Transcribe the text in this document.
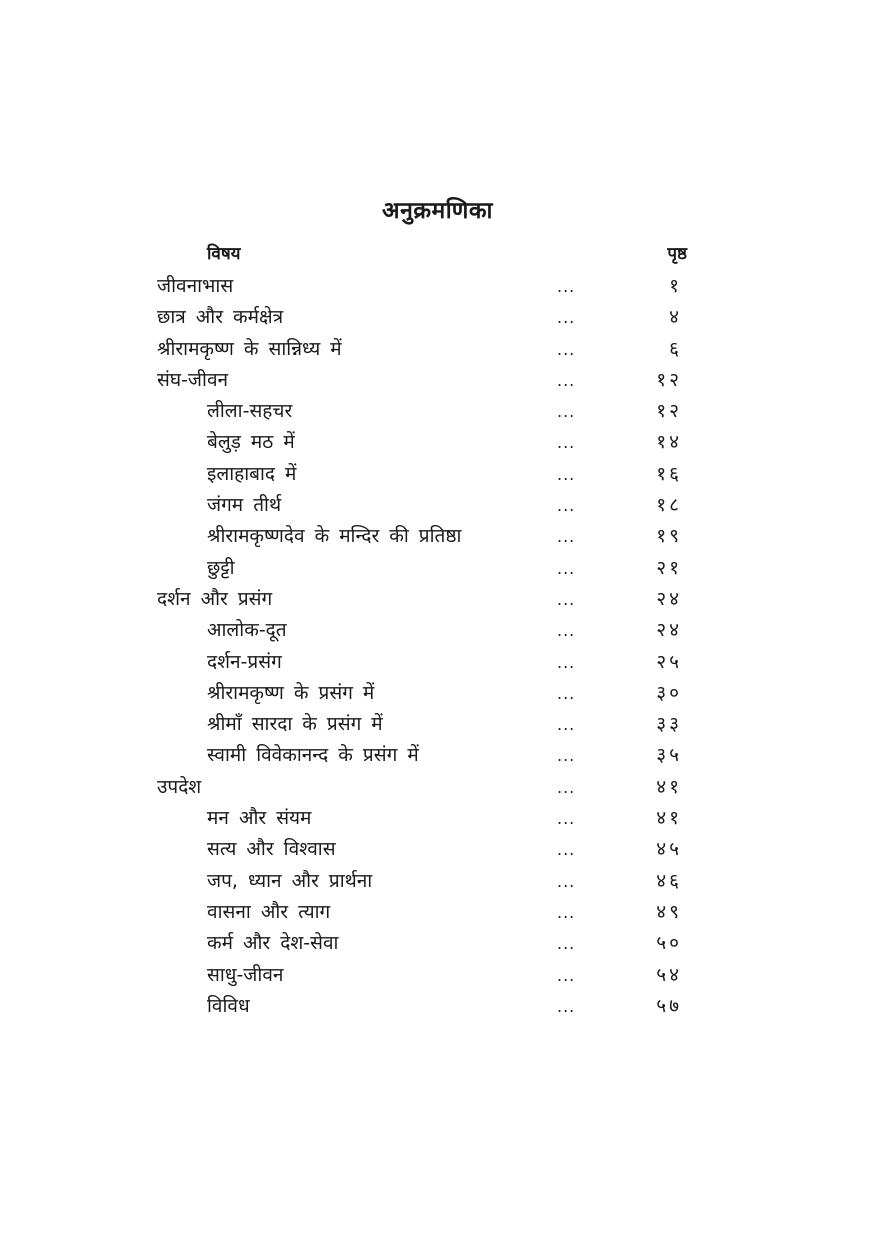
अनुक्रमणिका
विषय	पृष्ठ
जीवनाभास	...	१
छात्र और कर्मक्षेत्र	...	४
श्रीरामकृष्ण के सान्निध्य में	...	६
संघ-जीवन	...	१२
लीला-सहचर	...	१२
बेलुड़ मठ में	...	१४
इलाहाबाद में	...	१६
जंगम तीर्थ	...	१८
श्रीरामकृष्णदेव के मन्दिर की प्रतिष्ठा	...	१९
छुट्टी	...	२१
दर्शन और प्रसंग	...	२४
आलोक-दूत	...	२४
दर्शन-प्रसंग	...	२५
श्रीरामकृष्ण के प्रसंग में	...	३०
श्रीमाँ सारदा के प्रसंग में	...	३३
स्वामी विवेकानन्द के प्रसंग में	...	३५
उपदेश	...	४१
मन और संयम	...	४१
सत्य और विश्वास	...	४५
जप, ध्यान और प्रार्थना	...	४६
वासना और त्याग	...	४९
कर्म और देश-सेवा	...	५०
साधु-जीवन	...	५४
विविध	...	५७
